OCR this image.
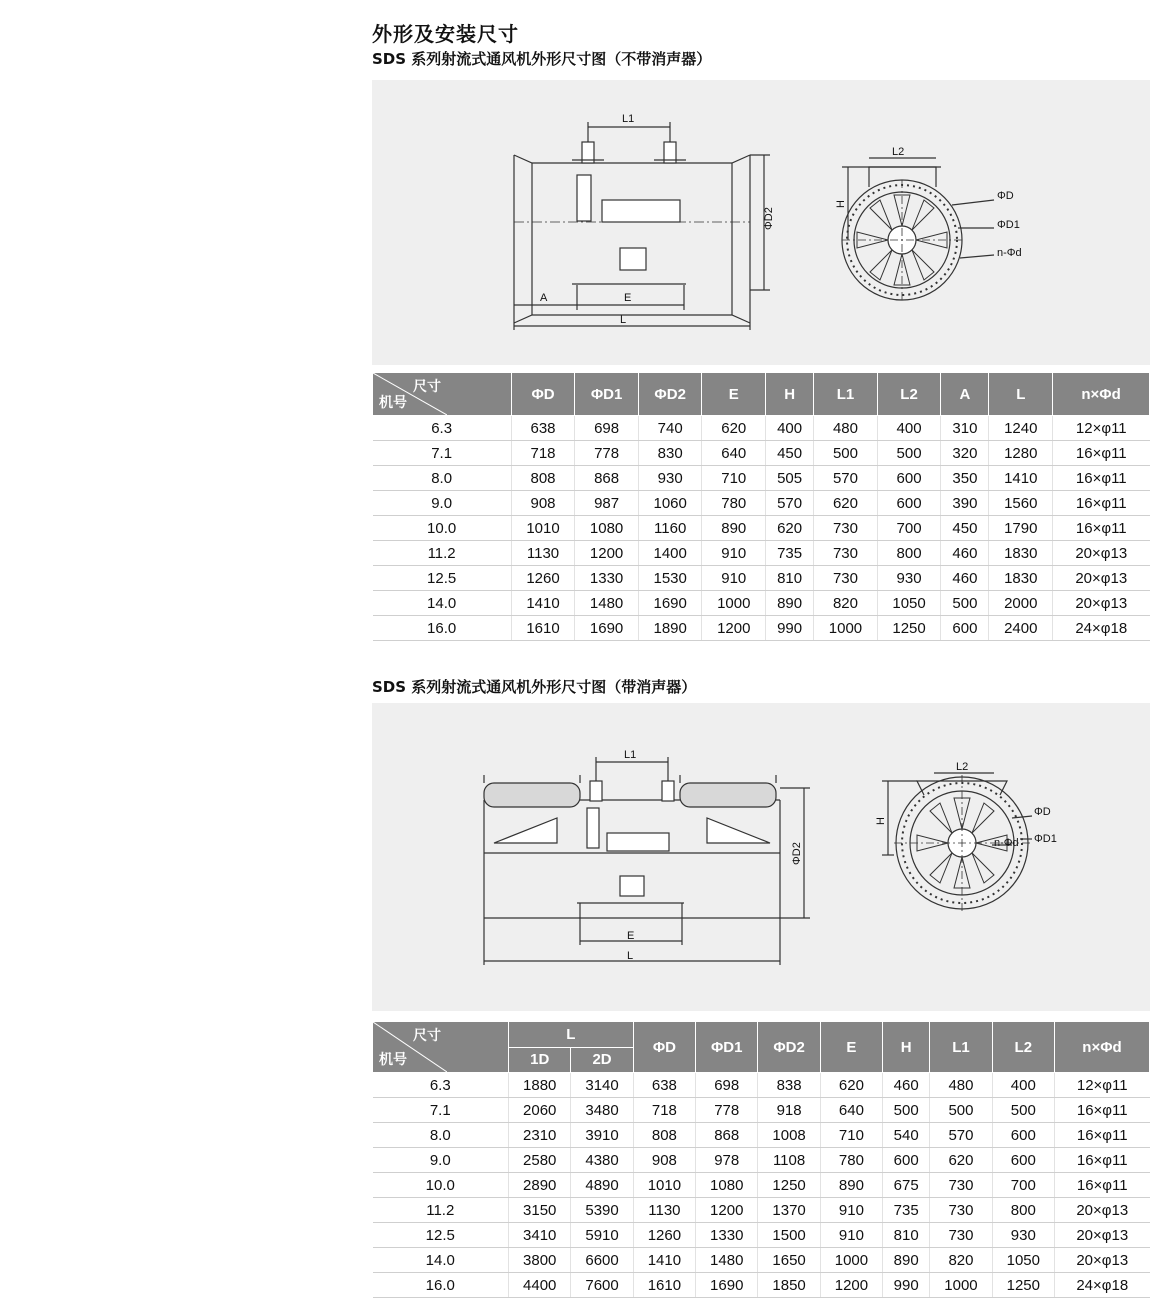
外形及安装尺寸
SDS 系列射流式通风机外形尺寸图（不带消声器）
L1
A	E
L
ΦD2
L2
H
ΦD
ΦD1
n-Φd
尺寸
机号	ΦD	ΦD1	ΦD2	E	H	L1	L2	A	L	n×Φd
6.3	638	698	740	620	400	480	400	310	1240	12×φ11
7.1	718	778	830	640	450	500	500	320	1280	16×φ11
8.0	808	868	930	710	505	570	600	350	1410	16×φ11
9.0	908	987	1060	780	570	620	600	390	1560	16×φ11
10.0	1010	1080	1160	890	620	730	700	450	1790	16×φ11
11.2	1130	1200	1400	910	735	730	800	460	1830	20×φ13
12.5	1260	1330	1530	910	810	730	930	460	1830	20×φ13
14.0	1410	1480	1690	1000	890	820	1050	500	2000	20×φ13
16.0	1610	1690	1890	1200	990	1000	1250	600	2400	24×φ18
SDS 系列射流式通风机外形尺寸图（带消声器）
L1
E
L
ΦD2
L2
H
ΦD
ΦD1
n-Φd
尺寸
机号	L		ΦD	ΦD1	ΦD2	E	H	L1	L2	n×Φd
	1D	2D								
6.3	1880	3140	638	698	838	620	460	480	400	12×φ11
7.1	2060	3480	718	778	918	640	500	500	500	16×φ11
8.0	2310	3910	808	868	1008	710	540	570	600	16×φ11
9.0	2580	4380	908	978	1108	780	600	620	600	16×φ11
10.0	2890	4890	1010	1080	1250	890	675	730	700	16×φ11
11.2	3150	5390	1130	1200	1370	910	735	730	800	20×φ13
12.5	3410	5910	1260	1330	1500	910	810	730	930	20×φ13
14.0	3800	6600	1410	1480	1650	1000	890	820	1050	20×φ13
16.0	4400	7600	1610	1690	1850	1200	990	1000	1250	24×φ18
